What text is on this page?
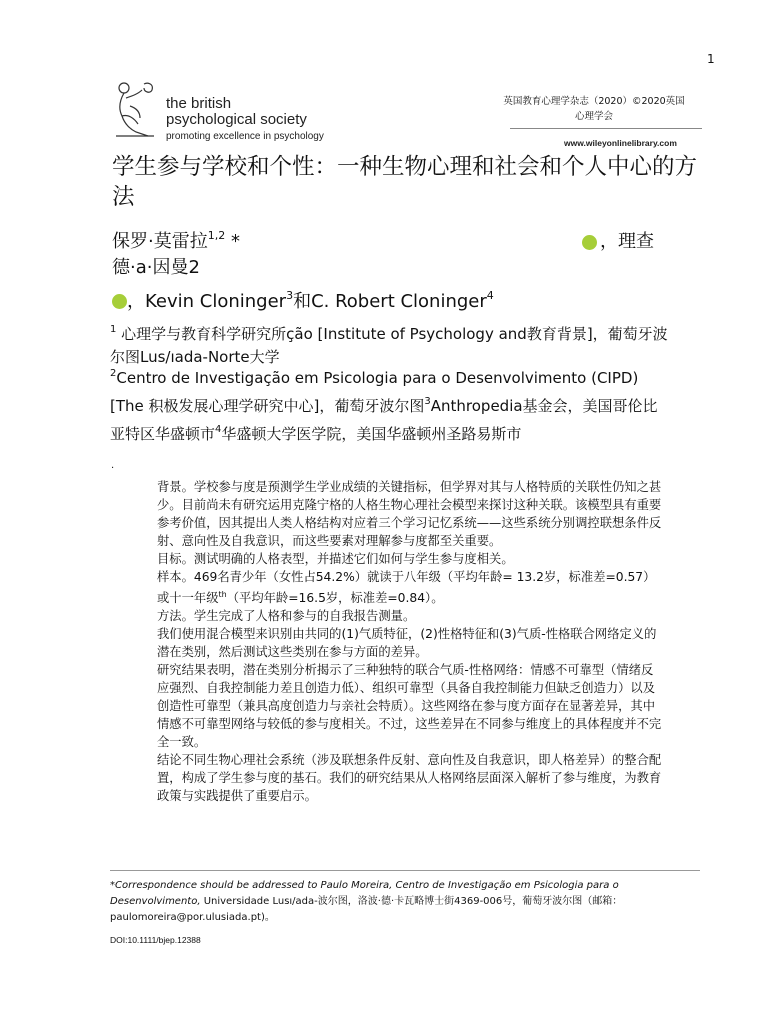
1
the british
psychological society
promoting excellence in psychology
英国教育心理学杂志（2020）©2020英国
心理学会
www.wileyonlinelibrary.com
学生参与学校和个性：一种生物心理和社会和个人中心的方法
保罗·莫雷拉$^{1,2}$ *	，理查
德·a·因曼2
，Kevin Cloninger$^3$和C. Robert Cloninger$^4$
$^1$ 心理学与教育科学研究所ção [Institute of Psychology and教育背景]，葡萄牙波尔图Lus/ıada-Norte大学
$^2$Centro de Investigação em Psicologia para o Desenvolvimento (CIPD) [The 积极发展心理学研究中心]，葡萄牙波尔图$^3$Anthropedia基金会，美国哥伦比亚特区华盛顿市$^4$华盛顿大学医学院，美国华盛顿州圣路易斯市
.

背景。学校参与度是预测学生学业成绩的关键指标，但学界对其与人格特质的关联性仍知之甚少。目前尚未有研究运用克隆宁格的人格生物心理社会模型来探讨这种关联。该模型具有重要参考价值，因其提出人类人格结构对应着三个学习记忆系统——这些系统分别调控联想条件反射、意向性及自我意识，而这些要素对理解参与度都至关重要。

目标。测试明确的人格表型，并描述它们如何与学生参与度相关。

样本。469名青少年（女性占54.2%）就读于八年级（平均年龄= 13.2岁，标准差=0.57）或十一年级$^{th}$（平均年龄=16.5岁，标准差=0.84）。

方法。学生完成了人格和参与的自我报告测量。

我们使用混合模型来识别由共同的(1)气质特征，(2)性格特征和(3)气质-性格联合网络定义的潜在类别，然后测试这些类别在参与方面的差异。

研究结果表明，潜在类别分析揭示了三种独特的联合气质-性格网络：情感不可靠型（情绪反应强烈、自我控制能力差且创造力低）、组织可靠型（具备自我控制能力但缺乏创造力）以及创造性可靠型（兼具高度创造力与亲社会特质）。这些网络在参与度方面存在显著差异，其中情感不可靠型网络与较低的参与度相关。不过，这些差异在不同参与维度上的具体程度并不完全一致。

结论不同生物心理社会系统（涉及联想条件反射、意向性及自我意识，即人格差异）的整合配置，构成了学生参与度的基石。我们的研究结果从人格网络层面深入解析了参与维度，为教育政策与实践提供了重要启示。

*Correspondence should be addressed to Paulo Moreira, Centro de Investigação em Psicologia para o Desenvolvimento, Universidade Lusı/ada-波尔图，洛波·德·卡瓦略博士街4369-006号，葡萄牙波尔图（邮箱：paulomoreira@por.ulusiada.pt)。
DOI:10.1111/bjep.12388
